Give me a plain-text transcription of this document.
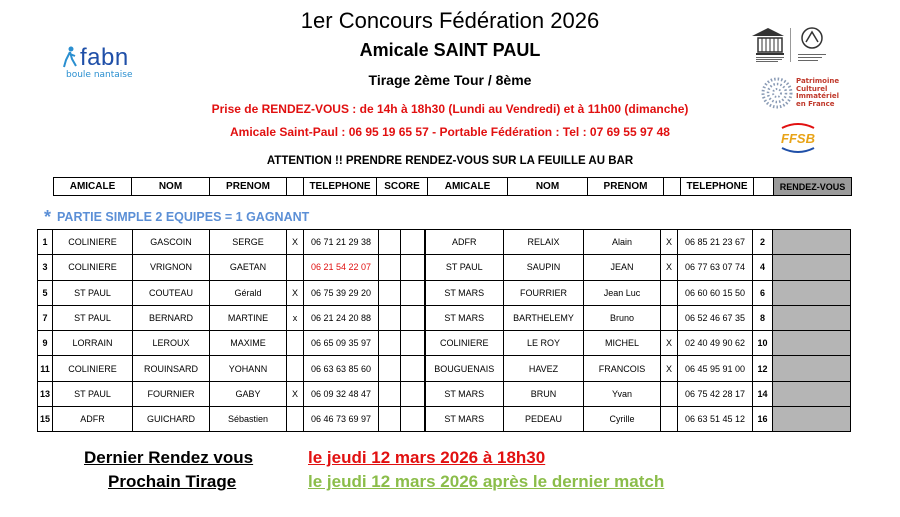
1er Concours Fédération 2026
Amicale SAINT PAUL
Tirage 2ème Tour / 8ème
Prise de RENDEZ-VOUS : de 14h à 18h30 (Lundi au Vendredi) et à 11h00 (dimanche)
Amicale Saint-Paul : 06 95 19 65 57 - Portable Fédération : Tel : 07 69 55 97 48
ATTENTION !! PRENDRE RENDEZ-VOUS SUR LA FEUILLE AU BAR
fabn
boule nantaise
Patrimoine
Culturel
Immatériel
en France
FFSB
AMICALE	NOM	PRENOM		TELEPHONE	SCORE	AMICALE	NOM	PRENOM		TELEPHONE		RENDEZ-VOUS
* PARTIE SIMPLE 2 EQUIPES = 1 GAGNANT
1	COLINIERE	GASCOIN	SERGE	X	06 71 21 29 38			ADFR	RELAIX	Alain	X	06 85 21 23 67	2	
3	COLINIERE	VRIGNON	GAETAN		06 21 54 22 07			ST PAUL	SAUPIN	JEAN	X	06 77 63 07 74	4	
5	ST PAUL	COUTEAU	Gérald	X	06 75 39 29 20			ST MARS	FOURRIER	Jean Luc		06 60 60 15 50	6	
7	ST PAUL	BERNARD	MARTINE	x	06 21 24 20 88			ST MARS	BARTHELEMY	Bruno		06 52 46 67 35	8	
9	LORRAIN	LEROUX	MAXIME		06 65 09 35 97			COLINIERE	LE ROY	MICHEL	X	02 40 49 90 62	10	
11	COLINIERE	ROUINSARD	YOHANN		06 63 63 85 60			BOUGUENAIS	HAVEZ	FRANCOIS	X	06 45 95 91 00	12	
13	ST PAUL	FOURNIER	GABY	X	06 09 32 48 47			ST MARS	BRUN	Yvan		06 75 42 28 17	14	
15	ADFR	GUICHARD	Sébastien		06 46 73 69 97			ST MARS	PEDEAU	Cyrille		06 63 51 45 12	16	
Dernier Rendez vous	le jeudi 12 mars 2026 à 18h30
Prochain Tirage	le jeudi 12 mars 2026 après le dernier match
